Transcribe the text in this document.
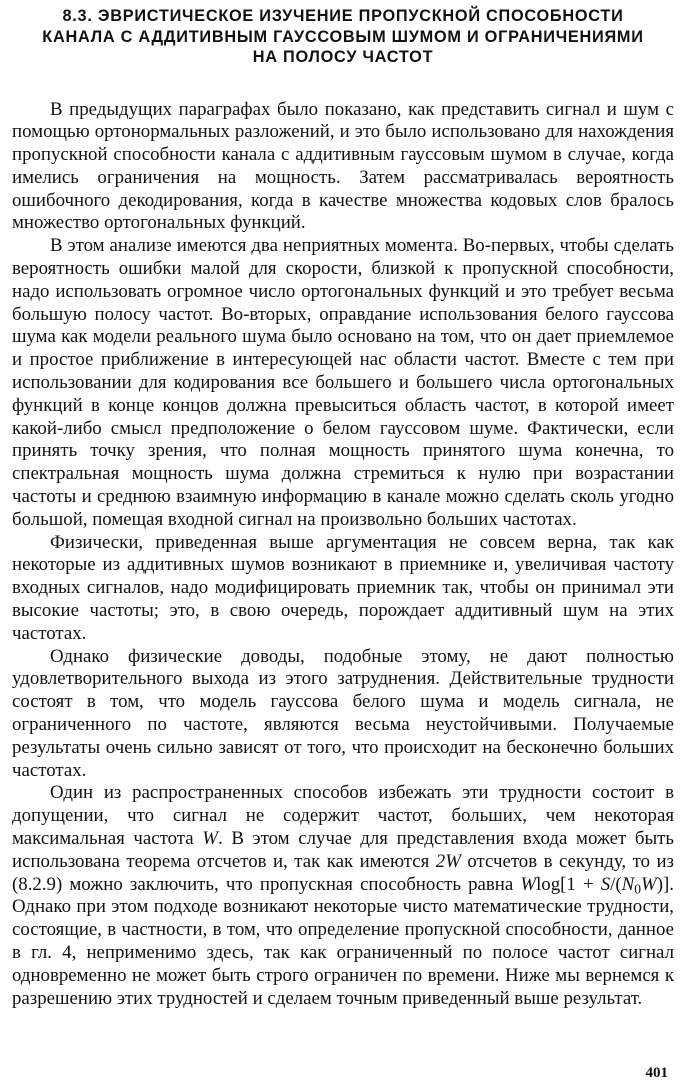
8.3. ЭВРИСТИЧЕСКОЕ ИЗУЧЕНИЕ ПРОПУСКНОЙ СПОСОБНОСТИ
КАНАЛА С АДДИТИВНЫМ ГАУССОВЫМ ШУМОМ И ОГРАНИЧЕНИЯМИ
НА ПОЛОСУ ЧАСТОТ

В предыдущих параграфах было показано, как представить сигнал и шум с помощью ортонормальных разложений, и это было использовано для нахождения пропускной способности канала с аддитивным гауссовым шумом в случае, когда имелись ограничения на мощность. Затем рассматривалась вероятность ошибочного декодирования, когда в качестве множества кодовых слов бралось множество ортогональных функций.

В этом анализе имеются два неприятных момента. Во-первых, чтобы сделать вероятность ошибки малой для скорости, близкой к пропускной способности, надо использовать огромное число ортогональных функций и это требует весьма большую полосу частот. Во-вторых, оправдание использования белого гауссова шума как модели реального шума было основано на том, что он дает приемлемое и простое приближение в интересующей нас области частот. Вместе с тем при использовании для кодирования все большего и большего числа ортогональных функций в конце концов должна превыситься область частот, в которой имеет какой-либо смысл предположение о белом гауссовом шуме. Фактически, если принять точку зрения, что полная мощность принятого шума конечна, то спектральная мощность шума должна стремиться к нулю при возрастании частоты и среднюю взаимную информацию в канале можно сделать сколь угодно большой, помещая входной сигнал на произвольно больших частотах.

Физически, приведенная выше аргументация не совсем верна, так как некоторые из аддитивных шумов возникают в приемнике и, увеличивая частоту входных сигналов, надо модифицировать приемник так, чтобы он принимал эти высокие частоты; это, в свою очередь, порождает аддитивный шум на этих частотах.

Однако физические доводы, подобные этому, не дают полностью удовлетворительного выхода из этого затруднения. Действительные трудности состоят в том, что модель гауссова белого шума и модель сигнала, не ограниченного по частоте, являются весьма неустойчивыми. Получаемые результаты очень сильно зависят от того, что происходит на бесконечно больших частотах.

Один из распространенных способов избежать эти трудности состоит в допущении, что сигнал не содержит частот, больших, чем некоторая максимальная частота W. В этом случае для представления входа может быть использована теорема отсчетов и, так как имеются 2W отсчетов в секунду, то из (8.2.9) можно заключить, что пропускная способность равна $Wlog[1 + S/(N_0W)]$. Однако при этом подходе возникают некоторые чисто математические трудности, состоящие, в частности, в том, что определение пропускной способности, данное в гл. 4, неприменимо здесь, так как ограниченный по полосе частот сигнал одновременно не может быть строго ограничен по времени. Ниже мы вернемся к разрешению этих трудностей и сделаем точным приведенный выше результат.

401
